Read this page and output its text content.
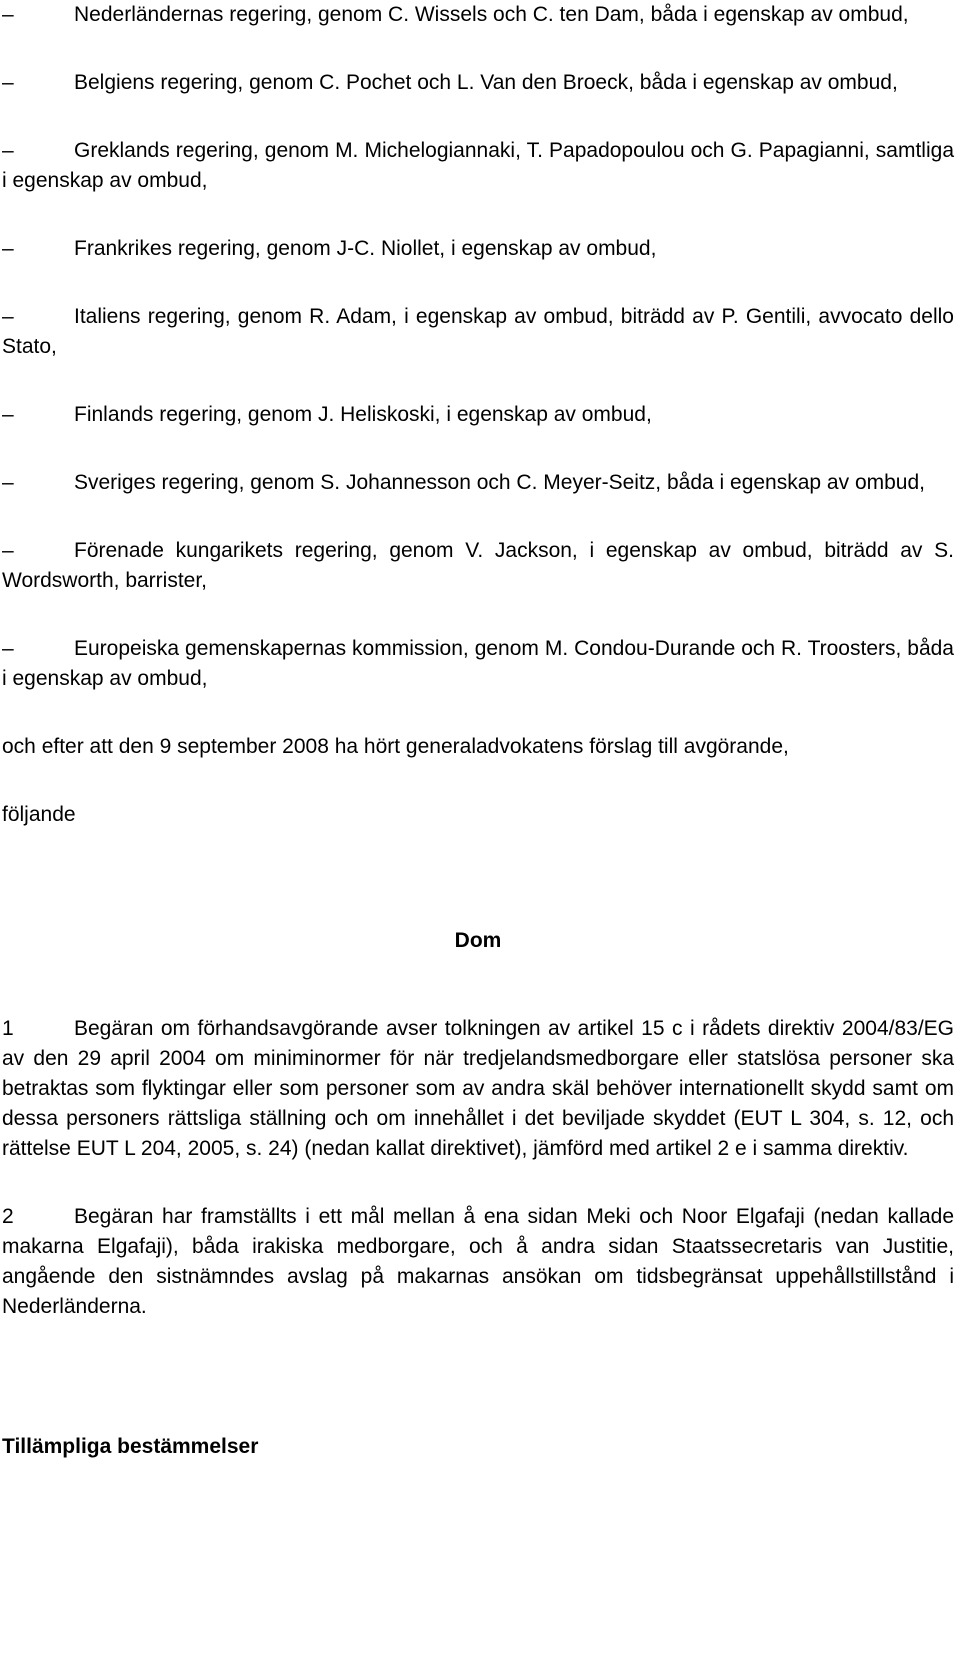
–	Nederländernas regering, genom C. Wissels och C. ten Dam, båda i egenskap av ombud,

–	Belgiens regering, genom C. Pochet och L. Van den Broeck, båda i egenskap av ombud,

–	Greklands regering, genom M. Michelogiannaki, T. Papadopoulou och G. Papagianni, samtliga i egenskap av ombud,

–	Frankrikes regering, genom J-C. Niollet, i egenskap av ombud,

–	Italiens regering, genom R. Adam, i egenskap av ombud, biträdd av P. Gentili, avvocato dello Stato,

–	Finlands regering, genom J. Heliskoski, i egenskap av ombud,

–	Sveriges regering, genom S. Johannesson och C. Meyer-Seitz, båda i egenskap av ombud,

–	Förenade kungarikets regering, genom V. Jackson, i egenskap av ombud, biträdd av S. Wordsworth, barrister,

–	Europeiska gemenskapernas kommission, genom M. Condou-Durande och R. Troosters, båda i egenskap av ombud,

och efter att den 9 september 2008 ha hört generaladvokatens förslag till avgörande,

följande

Dom

1	Begäran om förhandsavgörande avser tolkningen av artikel 15 c i rådets direktiv 2004/83/EG av den 29 april 2004 om miniminormer för när tredjelandsmedborgare eller statslösa personer ska betraktas som flyktingar eller som personer som av andra skäl behöver internationellt skydd samt om dessa personers rättsliga ställning och om innehållet i det beviljade skyddet (EUT L 304, s. 12, och rättelse EUT L 204, 2005, s. 24) (nedan kallat direktivet), jämförd med artikel 2 e i samma direktiv.

2	Begäran har framställts i ett mål mellan å ena sidan Meki och Noor Elgafaji (nedan kallade makarna Elgafaji), båda irakiska medborgare, och å andra sidan Staatssecretaris van Justitie, angående den sistnämndes avslag på makarnas ansökan om tidsbegränsat uppehållstillstånd i Nederländerna.

Tillämpliga bestämmelser
